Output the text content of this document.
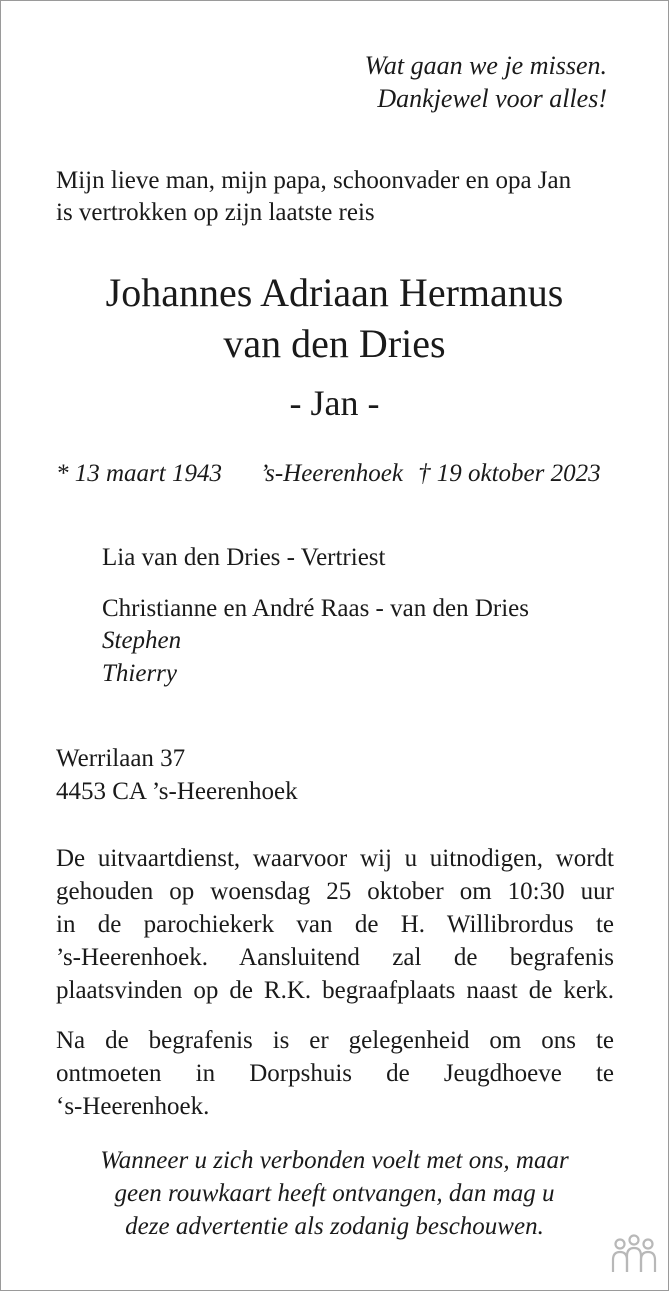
Wat gaan we je missen.
Dankjewel voor alles!
Mijn lieve man, mijn papa, schoonvader en opa Jan
is vertrokken op zijn laatste reis
Johannes Adriaan Hermanus
van den Dries
- Jan -
* 13 maart 1943 ’s-Heerenhoek † 19 oktober 2023
Lia van den Dries - Vertriest
Christianne en André Raas - van den Dries
Stephen
Thierry
Werrilaan 37
4453 CA ’s-Heerenhoek
De uitvaartdienst, waarvoor wij u uitnodigen, wordt
gehouden op woensdag 25 oktober om 10:30 uur
in de parochiekerk van de H. Willibrordus te
’s-Heerenhoek. Aansluitend zal de begrafenis
plaatsvinden op de R.K. begraafplaats naast de kerk.
Na de begrafenis is er gelegenheid om ons te
ontmoeten in Dorpshuis de Jeugdhoeve te
‘s-Heerenhoek.
Wanneer u zich verbonden voelt met ons, maar
geen rouwkaart heeft ontvangen, dan mag u
deze advertentie als zodanig beschouwen.
